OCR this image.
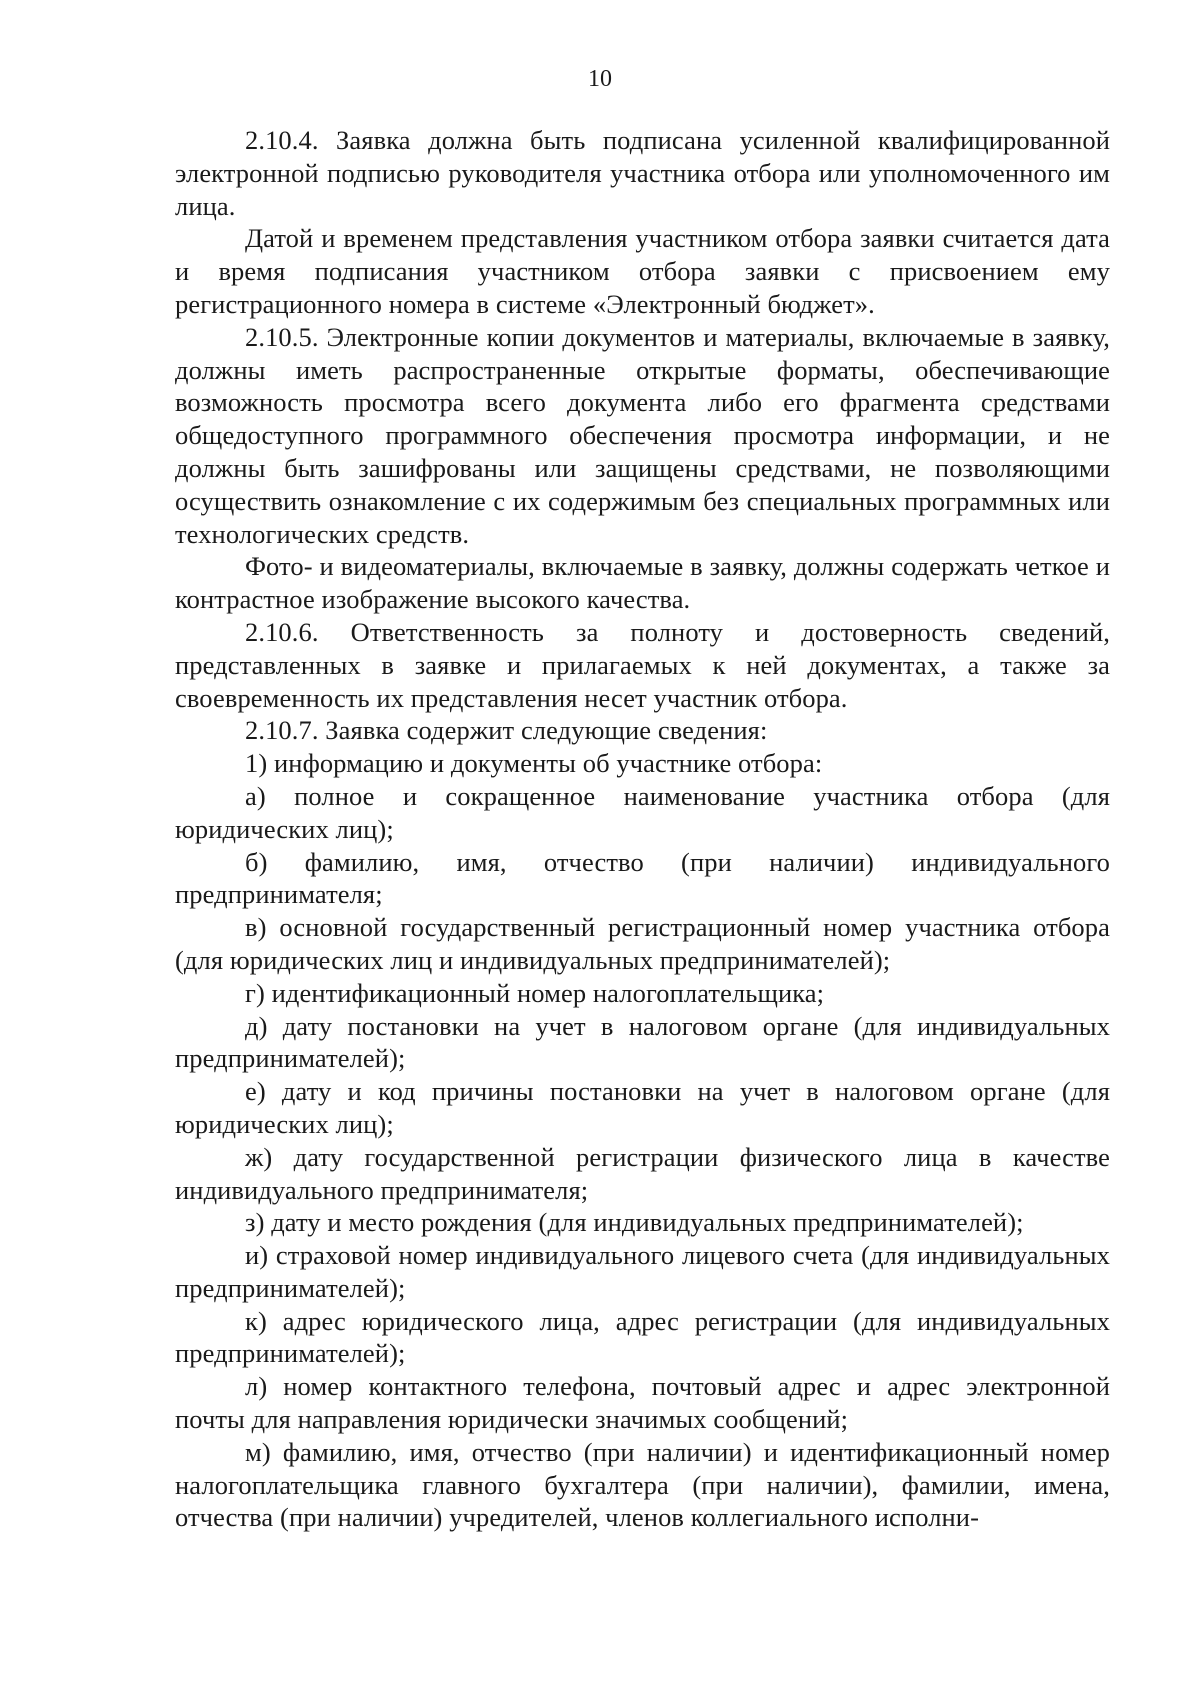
10

2.10.4. Заявка должна быть подписана усиленной квалифицированной электронной подписью руководителя участника отбора или уполномоченного им лица.

Датой и временем представления участником отбора заявки считается дата и время подписания участником отбора заявки с присвоением ему регистрационного номера в системе «Электронный бюджет».

2.10.5. Электронные копии документов и материалы, включаемые в заявку, должны иметь распространенные открытые форматы, обеспечивающие возможность просмотра всего документа либо его фрагмента средствами общедоступного программного обеспечения просмотра информации, и не должны быть зашифрованы или защищены средствами, не позволяющими осуществить ознакомление с их содержимым без специальных программных или технологических средств.

Фото- и видеоматериалы, включаемые в заявку, должны содержать четкое и контрастное изображение высокого качества.

2.10.6. Ответственность за полноту и достоверность сведений, представленных в заявке и прилагаемых к ней документах, а также за своевременность их представления несет участник отбора.

2.10.7. Заявка содержит следующие сведения:

1) информацию и документы об участнике отбора:

а) полное и сокращенное наименование участника отбора (для юридических лиц);

б) фамилию, имя, отчество (при наличии) индивидуального предпринимателя;

в) основной государственный регистрационный номер участника отбора (для юридических лиц и индивидуальных предпринимателей);

г) идентификационный номер налогоплательщика;

д) дату постановки на учет в налоговом органе (для индивидуальных предпринимателей);

е) дату и код причины постановки на учет в налоговом органе (для юридических лиц);

ж) дату государственной регистрации физического лица в качестве индивидуального предпринимателя;

з) дату и место рождения (для индивидуальных предпринимателей);

и) страховой номер индивидуального лицевого счета (для индивидуальных предпринимателей);

к) адрес юридического лица, адрес регистрации (для индивидуальных предпринимателей);

л) номер контактного телефона, почтовый адрес и адрес электронной почты для направления юридически значимых сообщений;

м) фамилию, имя, отчество (при наличии) и идентификационный номер налогоплательщика главного бухгалтера (при наличии), фамилии, имена, отчества (при наличии) учредителей, членов коллегиального исполни-
